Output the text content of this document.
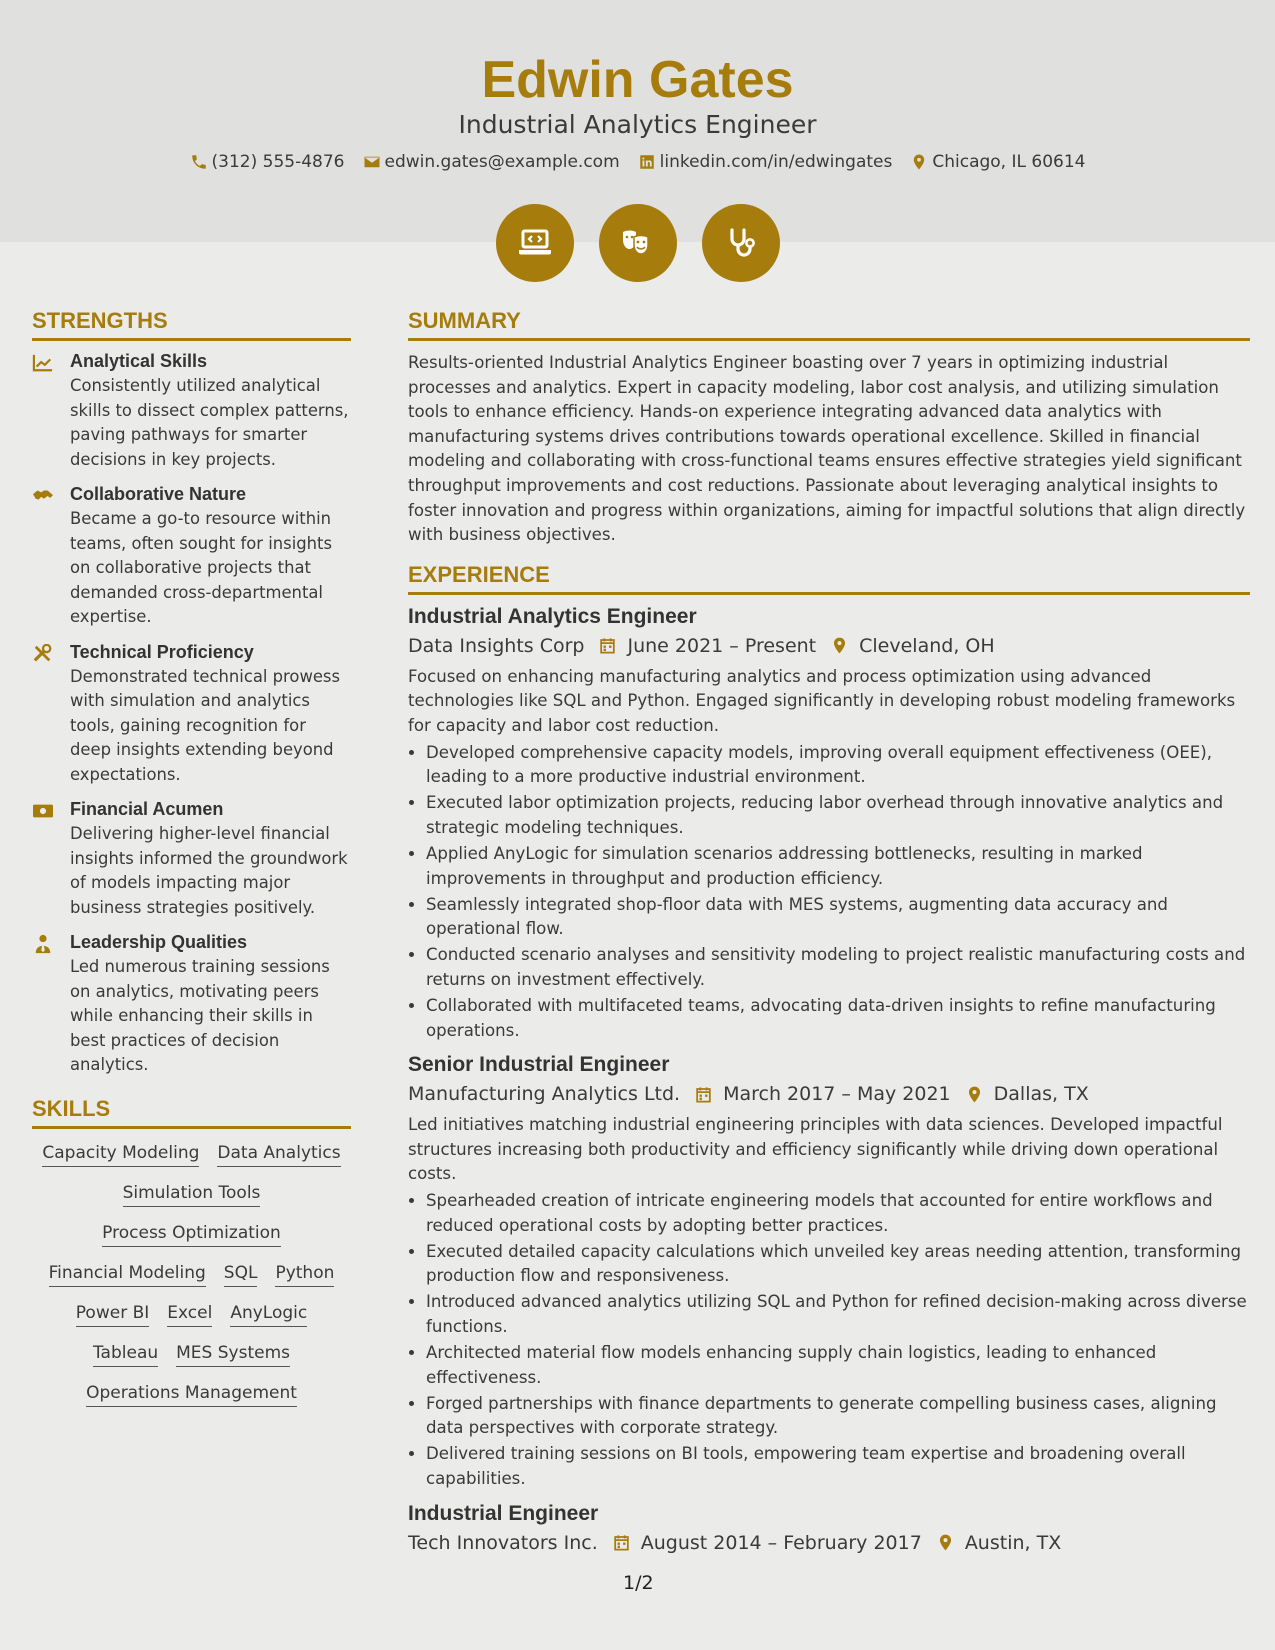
Edwin Gates
Industrial Analytics Engineer
(312) 555-4876 edwin.gates@example.com linkedin.com/in/edwingates Chicago, IL 60614
STRENGTHS
Analytical Skills
Consistently utilized analytical skills to dissect complex patterns, paving pathways for smarter decisions in key projects.
Collaborative Nature
Became a go-to resource within teams, often sought for insights on collaborative projects that demanded cross-departmental expertise.
Technical Proficiency
Demonstrated technical prowess with simulation and analytics tools, gaining recognition for deep insights extending beyond expectations.
Financial Acumen
Delivering higher-level financial insights informed the groundwork of models impacting major business strategies positively.
Leadership Qualities
Led numerous training sessions on analytics, motivating peers while enhancing their skills in best practices of decision analytics.
SKILLS
Capacity Modeling Data Analytics
Simulation Tools
Process Optimization
Financial Modeling SQL Python
Power BI Excel AnyLogic
Tableau MES Systems
Operations Management
SUMMARY
Results-oriented Industrial Analytics Engineer boasting over 7 years in optimizing industrial processes and analytics. Expert in capacity modeling, labor cost analysis, and utilizing simulation tools to enhance efficiency. Hands-on experience integrating advanced data analytics with manufacturing systems drives contributions towards operational excellence. Skilled in financial modeling and collaborating with cross-functional teams ensures effective strategies yield significant throughput improvements and cost reductions. Passionate about leveraging analytical insights to foster innovation and progress within organizations, aiming for impactful solutions that align directly with business objectives.
EXPERIENCE
Industrial Analytics Engineer
Data Insights Corp June 2021 – Present Cleveland, OH
Focused on enhancing manufacturing analytics and process optimization using advanced technologies like SQL and Python. Engaged significantly in developing robust modeling frameworks for capacity and labor cost reduction.
• Developed comprehensive capacity models, improving overall equipment effectiveness (OEE), leading to a more productive industrial environment.
• Executed labor optimization projects, reducing labor overhead through innovative analytics and strategic modeling techniques.
• Applied AnyLogic for simulation scenarios addressing bottlenecks, resulting in marked improvements in throughput and production efficiency.
• Seamlessly integrated shop-floor data with MES systems, augmenting data accuracy and operational flow.
• Conducted scenario analyses and sensitivity modeling to project realistic manufacturing costs and returns on investment effectively.
• Collaborated with multifaceted teams, advocating data-driven insights to refine manufacturing operations.
Senior Industrial Engineer
Manufacturing Analytics Ltd. March 2017 – May 2021 Dallas, TX
Led initiatives matching industrial engineering principles with data sciences. Developed impactful structures increasing both productivity and efficiency significantly while driving down operational costs.
• Spearheaded creation of intricate engineering models that accounted for entire workflows and reduced operational costs by adopting better practices.
• Executed detailed capacity calculations which unveiled key areas needing attention, transforming production flow and responsiveness.
• Introduced advanced analytics utilizing SQL and Python for refined decision-making across diverse functions.
• Architected material flow models enhancing supply chain logistics, leading to enhanced effectiveness.
• Forged partnerships with finance departments to generate compelling business cases, aligning data perspectives with corporate strategy.
• Delivered training sessions on BI tools, empowering team expertise and broadening overall capabilities.
Industrial Engineer
Tech Innovators Inc. August 2014 – February 2017 Austin, TX
1/2
